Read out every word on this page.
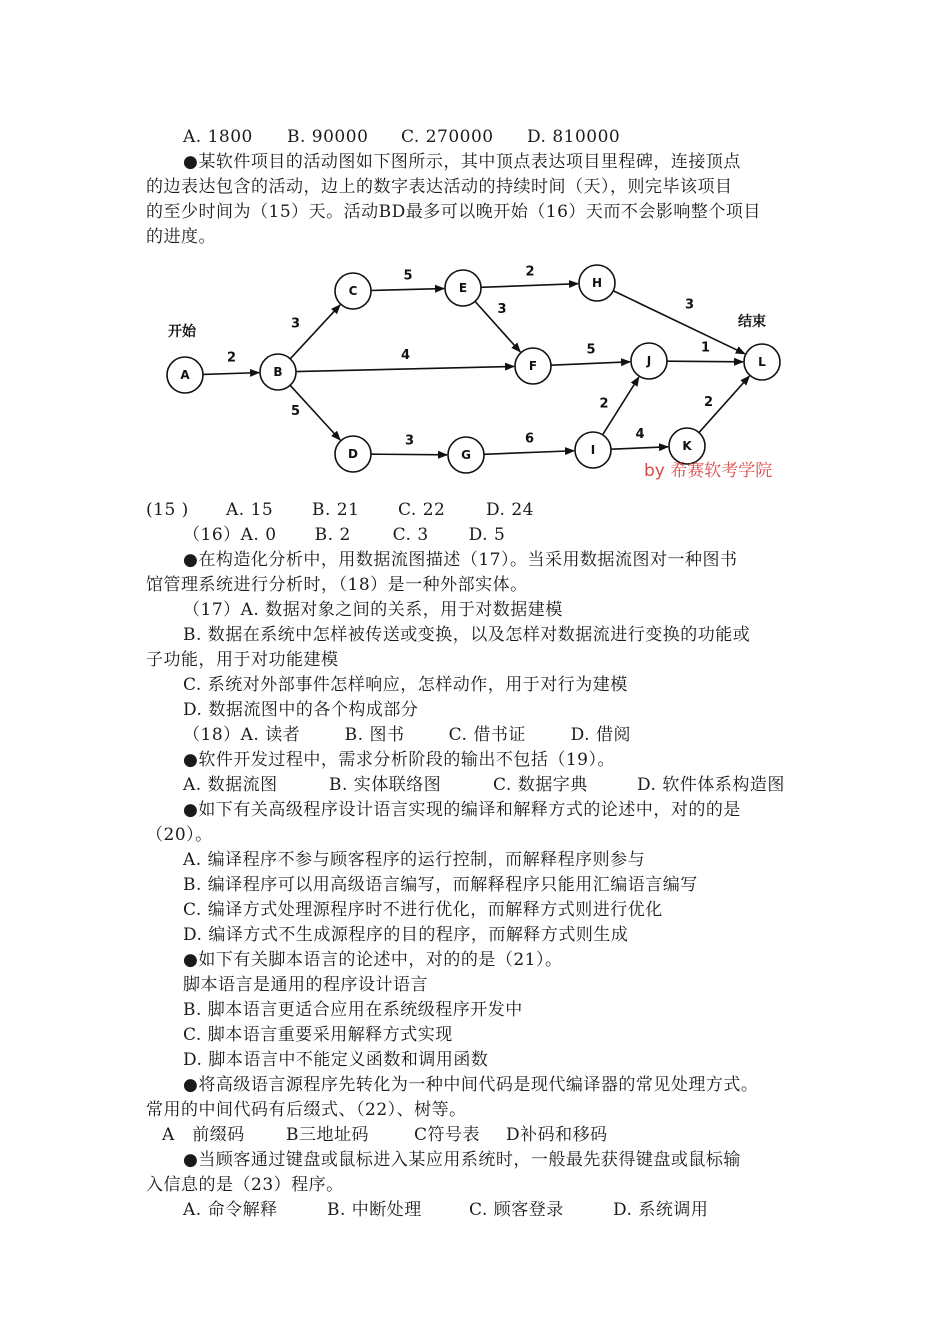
A. 1800 B. 90000 C. 270000 D. 810000
●某软件项目的活动图如下图所示，其中顶点表达项目里程碑，连接顶点
的边表达包含的活动，边上的数字表达活动的持续时间（天），则完毕该项目
的至少时间为（15）天。活动BD最多可以晚开始（16）天而不会影响整个项目
的进度。
2
3
4
5
5	2
3	3
5	1
3	6
2
4
2
A	B
C
D
E
F
G
H
I
J
K
L
开始
结束
by 希赛软考学院
(15 ) A. 15 B. 21 C. 22 D. 24
（16）A. 0 B. 2 C. 3 D. 5
●在构造化分析中，用数据流图描述（17）。当采用数据流图对一种图书
馆管理系统进行分析时，（18）是一种外部实体。
（17）A. 数据对象之间的关系，用于对数据建模
B. 数据在系统中怎样被传送或变换，以及怎样对数据流进行变换的功能或
子功能，用于对功能建模
C. 系统对外部事件怎样响应，怎样动作，用于对行为建模
D. 数据流图中的各个构成部分
（18）A. 读者	B. 图书	C. 借书证	D. 借阅
●软件开发过程中，需求分析阶段的输出不包括（19）。
A. 数据流图	B. 实体联络图	C. 数据字典	D. 软件体系构造图
●如下有关高级程序设计语言实现的编译和解释方式的论述中，对的的是
（20）。
A. 编译程序不参与顾客程序的运行控制，而解释程序则参与
B. 编译程序可以用高级语言编写，而解释程序只能用汇编语言编写
C. 编译方式处理源程序时不进行优化，而解释方式则进行优化
D. 编译方式不生成源程序的目的程序，而解释方式则生成
●如下有关脚本语言的论述中，对的的是（21）。
脚本语言是通用的程序设计语言
B. 脚本语言更适合应用在系统级程序开发中
C. 脚本语言重要采用解释方式实现
D. 脚本语言中不能定义函数和调用函数
●将高级语言源程序先转化为一种中间代码是现代编译器的常见处理方式。
常用的中间代码有后缀式、（22）、树等。
A　前缀码 B三地址码	C符号表 D补码和移码
●当顾客通过键盘或鼠标进入某应用系统时，一般最先获得键盘或鼠标输
入信息的是（23）程序。
A. 命令解释	B. 中断处理	C. 顾客登录	D. 系统调用
